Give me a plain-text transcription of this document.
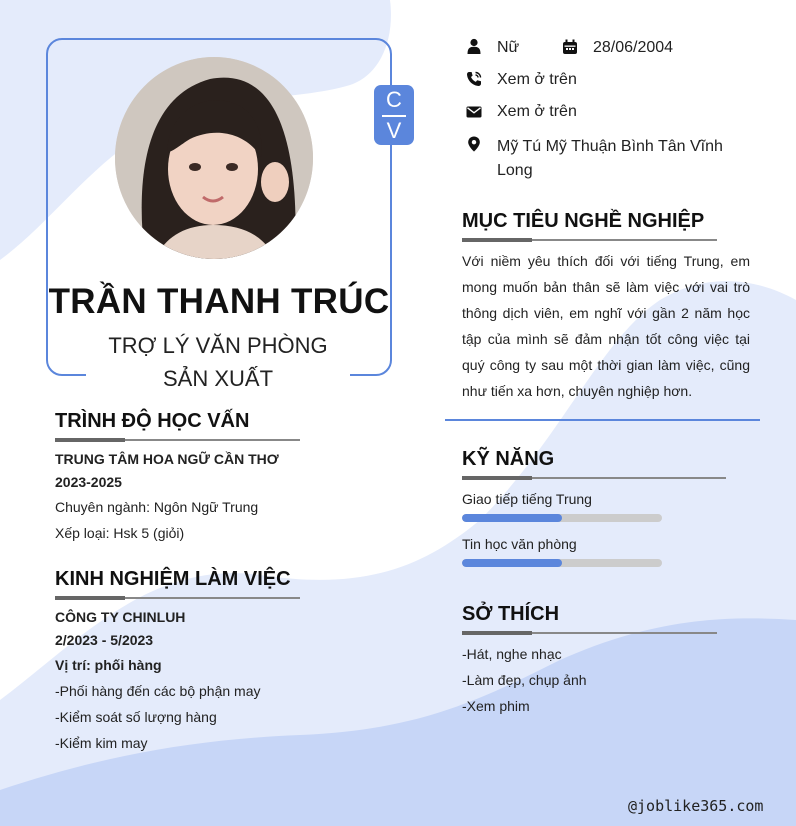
C
V
TRẦN THANH TRÚC
TRỢ LÝ VĂN PHÒNG
SẢN XUẤT
TRÌNH ĐỘ HỌC VẤN
TRUNG TÂM HOA NGỮ CẦN THƠ
2023-2025
Chuyên ngành: Ngôn Ngữ Trung
Xếp loại: Hsk 5 (giỏi)
KINH NGHIỆM LÀM VIỆC
CÔNG TY CHINLUH
2/2023 - 5/2023
Vị trí: phối hàng
-Phối hàng đến các bộ phận may
-Kiểm soát số lượng hàng
-Kiểm kim may
Nữ	28/06/2004
Xem ở trên
Xem ở trên
Mỹ Tú Mỹ Thuận Bình Tân Vĩnh
Long
MỤC TIÊU NGHỀ NGHIỆP
Với niềm yêu thích đối với tiếng Trung, em mong muốn bản thân sẽ làm việc với vai trò thông dịch viên, em nghĩ với gần 2 năm học tập của mình sẽ đảm nhận tốt công việc tại quý công ty sau một thời gian làm việc, cũng như tiến xa hơn, chuyên nghiệp hơn.
KỸ NĂNG
Giao tiếp tiếng Trung
Tin học văn phòng
SỞ THÍCH
-Hát, nghe nhạc
-Làm đẹp, chụp ảnh
-Xem phim
@joblike365.com
